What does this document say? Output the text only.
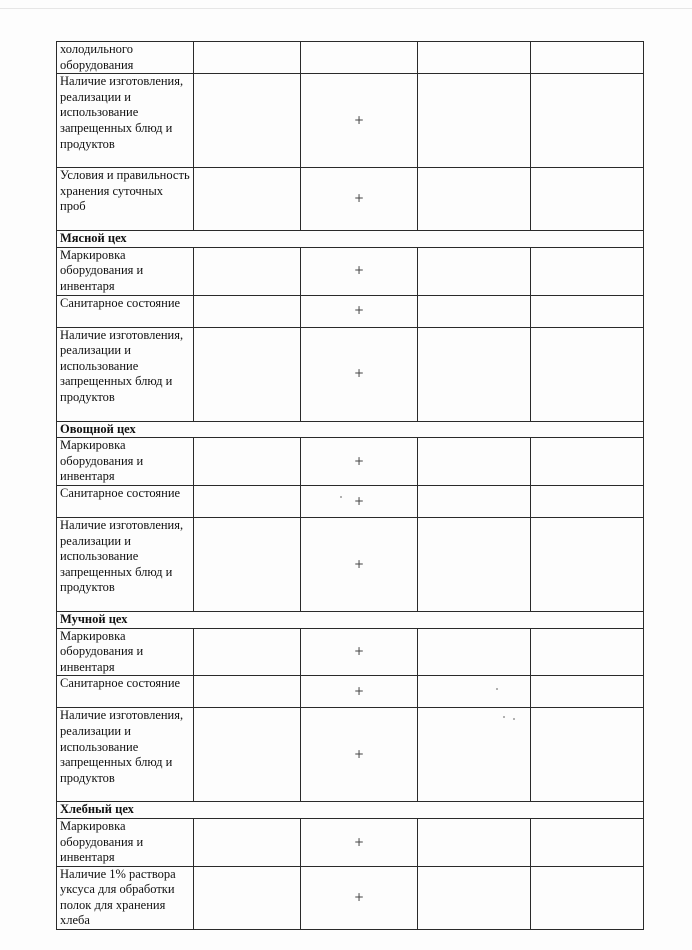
холодильного оборудования				
Наличие изготовления, реализации и использование запрещенных блюд и продуктов		+		
Условия и правильность хранения суточных проб		+		
Мясной цех				
Маркировка оборудования и инвентаря		+		
Санитарное состояние		+		
Наличие изготовления, реализации и использование запрещенных блюд и продуктов		+		
Овощной цех				
Маркировка оборудования и инвентаря		+		
Санитарное состояние		+		
Наличие изготовления, реализации и использование запрещенных блюд и продуктов		+		
Мучной цех				
Маркировка оборудования и инвентаря		+		
Санитарное состояние		+		
Наличие изготовления, реализации и использование запрещенных блюд и продуктов		+		
Хлебный цех				
Маркировка оборудования и инвентаря		+		
Наличие 1% раствора уксуса для обработки полок для хранения хлеба		+		
